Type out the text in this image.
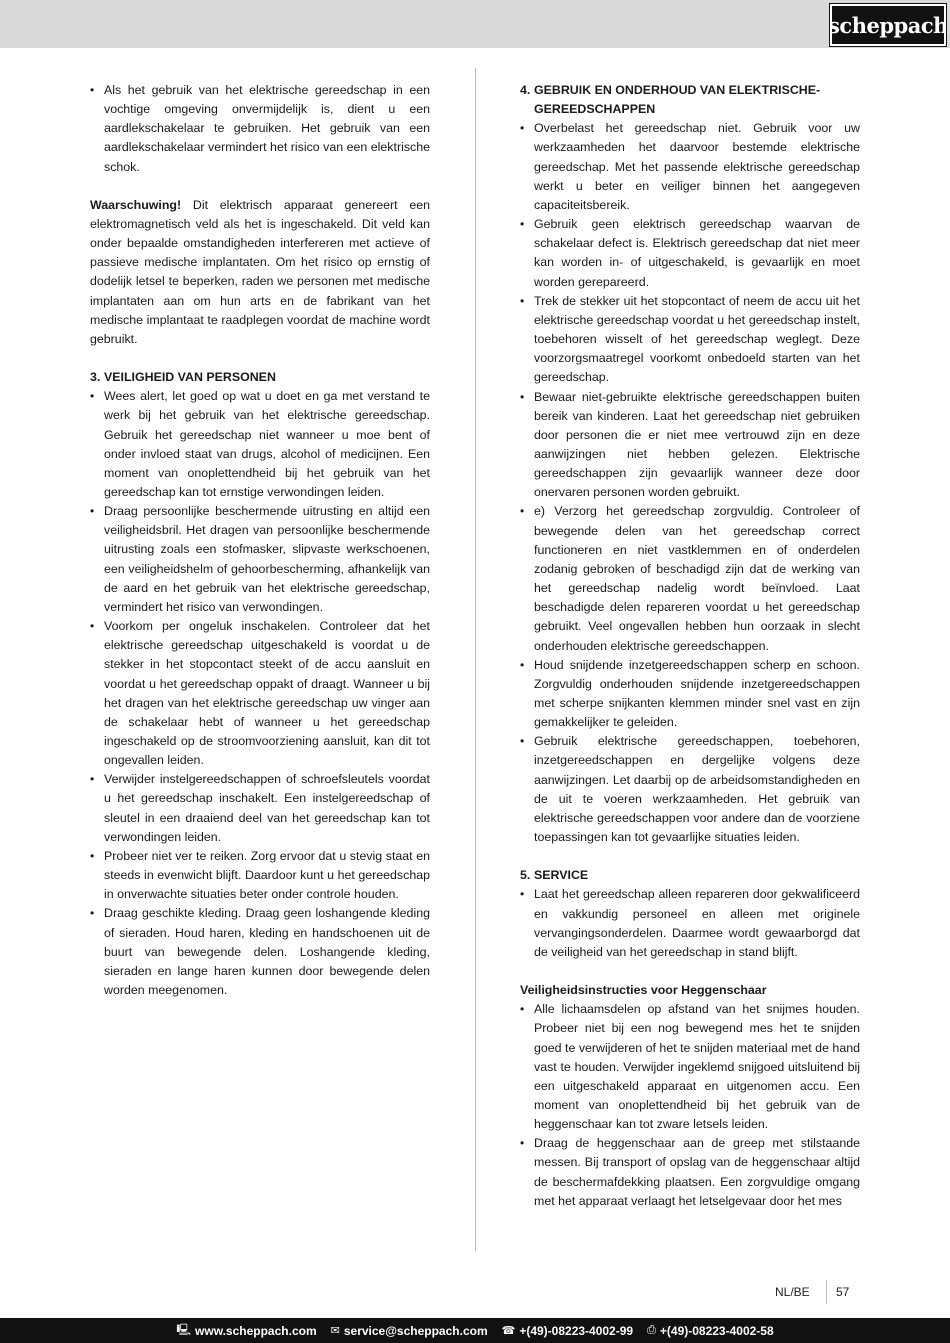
scheppach
• Als het gebruik van het elektrische gereedschap in een vochtige omgeving onvermijdelijk is, dient u een aardlekschakelaar te gebruiken. Het gebruik van een aardlekschakelaar vermindert het risico van een elektrische schok.

Waarschuwing! Dit elektrisch apparaat genereert een elektromagnetisch veld als het is ingeschakeld. Dit veld kan onder bepaalde omstandigheden interfereren met actieve of passieve medische implantaten. Om het risico op ernstig of dodelijk letsel te beperken, raden we personen met medische implantaten aan om hun arts en de fabrikant van het medische implantaat te raadplegen voordat de machine wordt gebruikt.

3. VEILIGHEID VAN PERSONEN
• Wees alert, let goed op wat u doet en ga met verstand te werk bij het gebruik van het elektrische gereedschap. Gebruik het gereedschap niet wanneer u moe bent of onder invloed staat van drugs, alcohol of medicijnen. Een moment van onoplettendheid bij het gebruik van het gereedschap kan tot ernstige verwondingen leiden.
• Draag persoonlijke beschermende uitrusting en altijd een veiligheidsbril. Het dragen van persoonlijke beschermende uitrusting zoals een stofmasker, slipvaste werkschoenen, een veiligheidshelm of gehoorbescherming, afhankelijk van de aard en het gebruik van het elektrische gereedschap, vermindert het risico van verwondingen.
• Voorkom per ongeluk inschakelen. Controleer dat het elektrische gereedschap uitgeschakeld is voordat u de stekker in het stopcontact steekt of de accu aansluit en voordat u het gereedschap oppakt of draagt. Wanneer u bij het dragen van het elektrische gereedschap uw vinger aan de schakelaar hebt of wanneer u het gereedschap ingeschakeld op de stroomvoorziening aansluit, kan dit tot ongevallen leiden.
• Verwijder instelgereedschappen of schroefsleutels voordat u het gereedschap inschakelt. Een instelgereedschap of sleutel in een draaiend deel van het gereedschap kan tot verwondingen leiden.
• Probeer niet ver te reiken. Zorg ervoor dat u stevig staat en steeds in evenwicht blijft. Daardoor kunt u het gereedschap in onverwachte situaties beter onder controle houden.
• Draag geschikte kleding. Draag geen loshangende kleding of sieraden. Houd haren, kleding en handschoenen uit de buurt van bewegende delen. Loshangende kleding, sieraden en lange haren kunnen door bewegende delen worden meegenomen.
4. GEBRUIK EN ONDERHOUD VAN ELEKTRISCHE-GEREEDSCHAPPEN
• Overbelast het gereedschap niet. Gebruik voor uw werkzaamheden het daarvoor bestemde elektrische gereedschap. Met het passende elektrische gereedschap werkt u beter en veiliger binnen het aangegeven capaciteitsbereik.
• Gebruik geen elektrisch gereedschap waarvan de schakelaar defect is. Elektrisch gereedschap dat niet meer kan worden in- of uitgeschakeld, is gevaarlijk en moet worden gerepareerd.
• Trek de stekker uit het stopcontact of neem de accu uit het elektrische gereedschap voordat u het gereedschap instelt, toebehoren wisselt of het gereedschap weglegt. Deze voorzorgsmaatregel voorkomt onbedoeld starten van het gereedschap.
• Bewaar niet-gebruikte elektrische gereedschappen buiten bereik van kinderen. Laat het gereedschap niet gebruiken door personen die er niet mee vertrouwd zijn en deze aanwijzingen niet hebben gelezen. Elektrische gereedschappen zijn gevaarlijk wanneer deze door onervaren personen worden gebruikt.
• e) Verzorg het gereedschap zorgvuldig. Controleer of bewegende delen van het gereedschap correct functioneren en niet vastklemmen en of onderdelen zodanig gebroken of beschadigd zijn dat de werking van het gereedschap nadelig wordt beïnvloed. Laat beschadigde delen repareren voordat u het gereedschap gebruikt. Veel ongevallen hebben hun oorzaak in slecht onderhouden elektrische gereedschappen.
• Houd snijdende inzetgereedschappen scherp en schoon. Zorgvuldig onderhouden snijdende inzetgereedschappen met scherpe snijkanten klemmen minder snel vast en zijn gemakkelijker te geleiden.
• Gebruik elektrische gereedschappen, toebehoren, inzetgereedschappen en dergelijke volgens deze aanwijzingen. Let daarbij op de arbeidsomstandigheden en de uit te voeren werkzaamheden. Het gebruik van elektrische gereedschappen voor andere dan de voorziene toepassingen kan tot gevaarlijke situaties leiden.
5. SERVICE
• Laat het gereedschap alleen repareren door gekwalificeerd en vakkundig personeel en alleen met originele vervangingsonderdelen. Daarmee wordt gewaarborgd dat de veiligheid van het gereedschap in stand blijft.
Veiligheidsinstructies voor Heggenschaar
• Alle lichaamsdelen op afstand van het snijmes houden. Probeer niet bij een nog bewegend mes het te snijden goed te verwijderen of het te snijden materiaal met de hand vast te houden. Verwijder ingeklemd snijgoed uitsluitend bij een uitgeschakeld apparaat en uitgenomen accu. Een moment van onoplettendheid bij het gebruik van de heggenschaar kan tot zware letsels leiden.
• Draag de heggenschaar aan de greep met stilstaande messen. Bij transport of opslag van de heggenschaar altijd de beschermafdekking plaatsen. Een zorgvuldige omgang met het apparaat verlaagt het letselgevaar door het mes
NL/BE 57
🖳 www.scheppach.com ✉ service@scheppach.com ☎ +(49)-08223-4002-99 ⎙ +(49)-08223-4002-58
